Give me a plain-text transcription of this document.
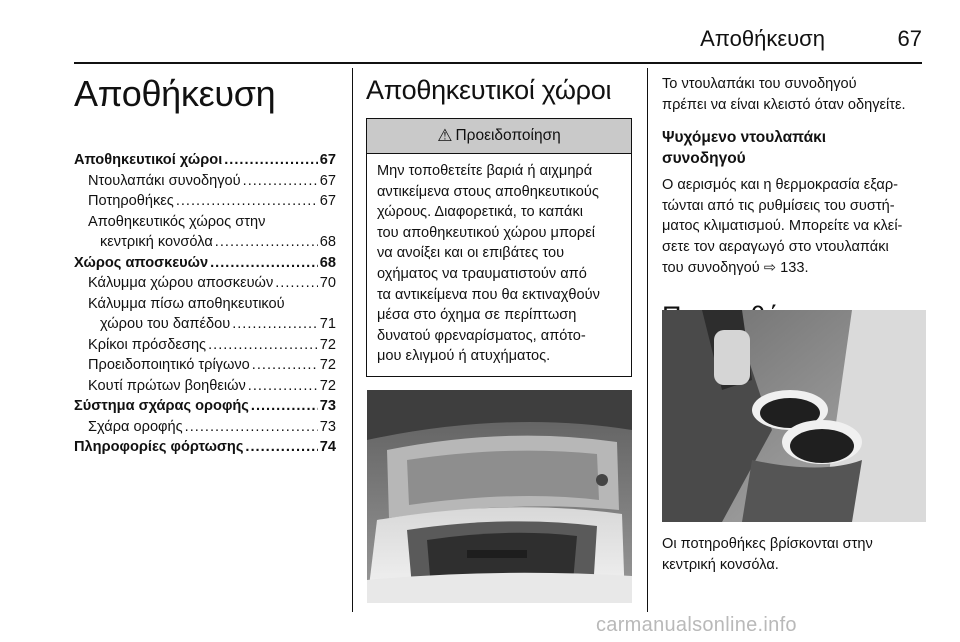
Αποθήκευση	67
Αποθήκευση
Αποθηκευτικοί χώροι .....	67
Ντουλαπάκι συνοδηγού .....	67
Ποτηροθήκες .....	67
Αποθηκευτικός χώρος στην
κεντρική κονσόλα .....	68
Χώρος αποσκευών .....	68
Κάλυμμα χώρου αποσκευών .....	70
Κάλυμμα πίσω αποθηκευτικού
χώρου του δαπέδου .....	71
Κρίκοι πρόσδεσης .....	72
Προειδοποιητικό τρίγωνο .....	72
Κουτί πρώτων βοηθειών .....	72
Σύστημα σχάρας οροφής .....	73
Σχάρα οροφής .....	73
Πληροφορίες φόρτωσης .....	74
Αποθηκευτικοί χώροι
⚠ Προειδοποίηση
Μην τοποθετείτε βαριά ή αιχμηρά
αντικείμενα στους αποθηκευτικούς
χώρους. Διαφορετικά, το καπάκι
του αποθηκευτικού χώρου μπορεί
να ανοίξει και οι επιβάτες του
οχήματος να τραυματιστούν από
τα αντικείμενα που θα εκτιναχθούν
μέσα στο όχημα σε περίπτωση
δυνατού φρεναρίσματος, απότο-
μου ελιγμού ή ατυχήματος.

Το ντουλαπάκι του συνοδηγού
πρέπει να είναι κλειστό όταν οδηγείτε.

Ψυχόμενο ντουλαπάκι
συνοδηγού

Ο αερισμός και η θερμοκρασία εξαρ-
τώνται από τις ρυθμίσεις του συστή-
ματος κλιματισμού. Μπορείτε να κλεί-
σετε τον αεραγωγό στο ντουλαπάκι
του συνοδηγού ⇨ 133.

Οι ποτηροθήκες βρίσκονται στην
κεντρική κονσόλα.

carmanualsonline.info
